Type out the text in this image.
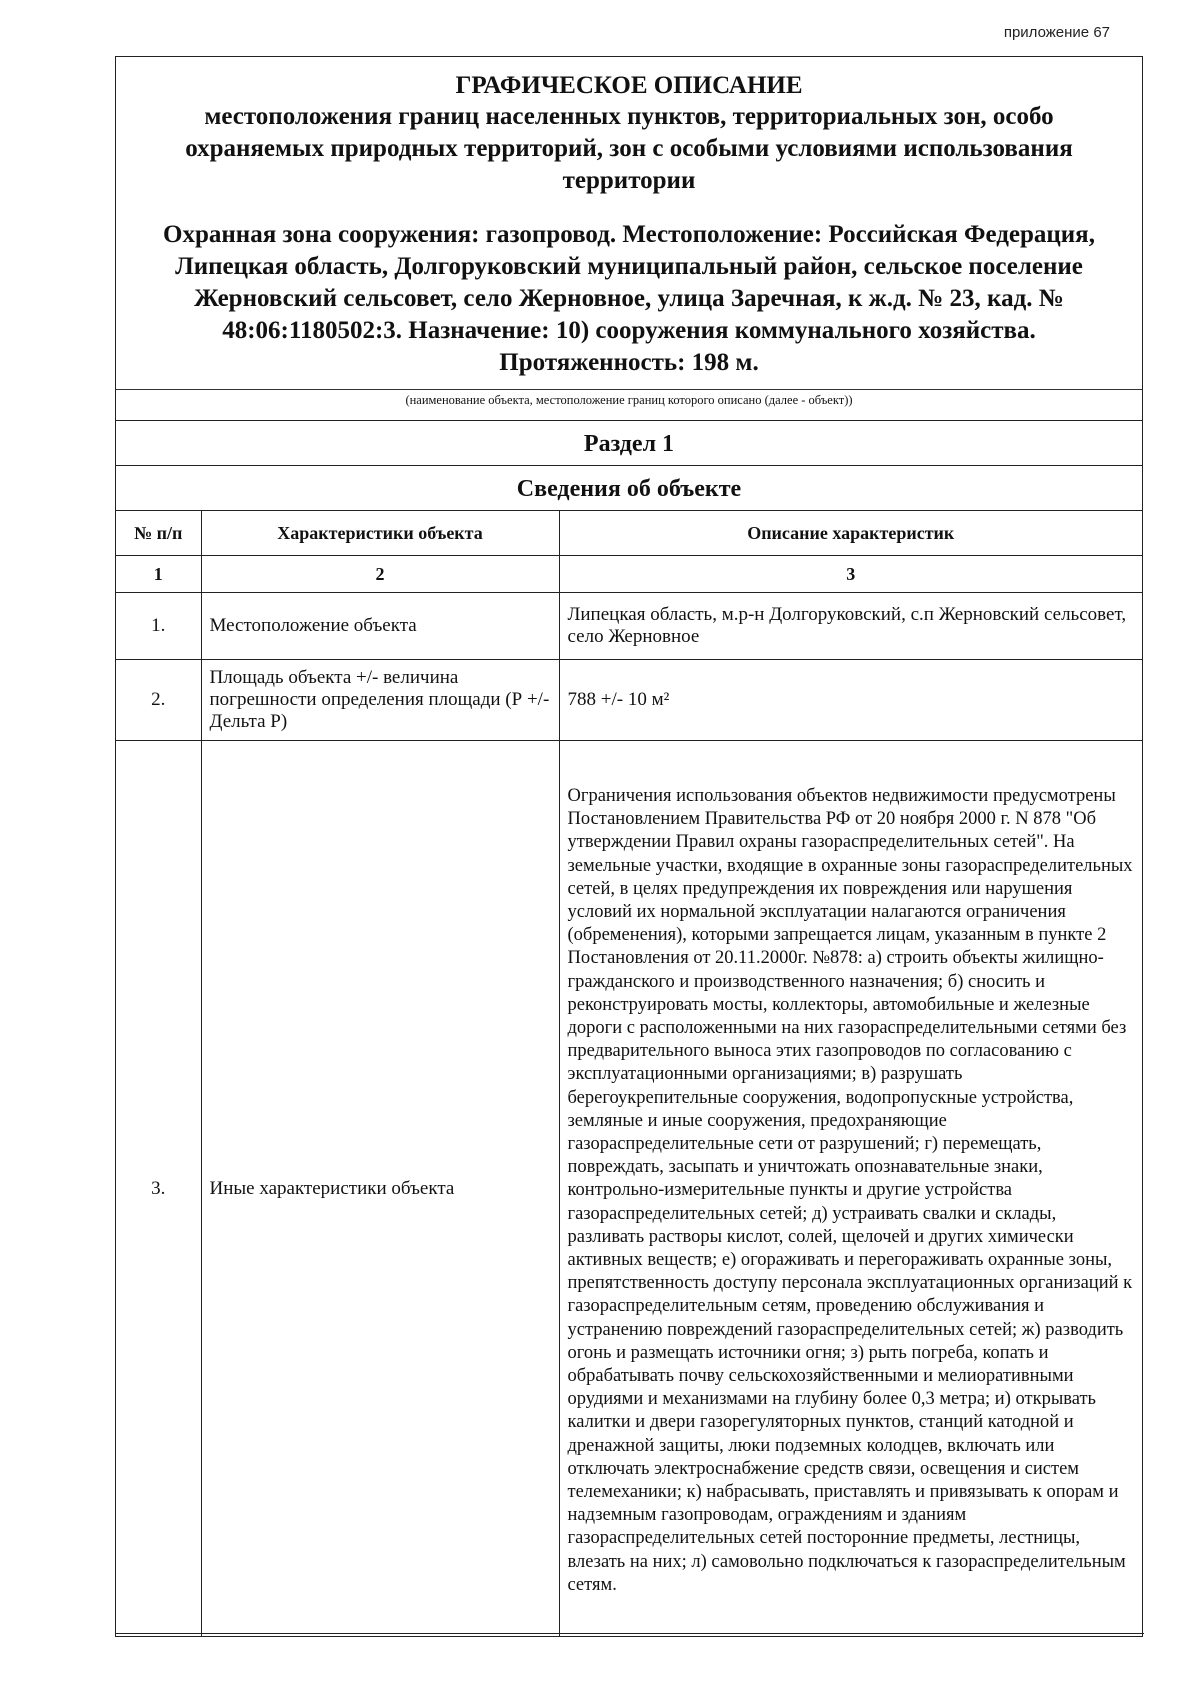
приложение 67
ГРАФИЧЕСКОЕ ОПИСАНИЕ
местоположения границ населенных пунктов, территориальных зон, особо охраняемых природных территорий, зон с особыми условиями использования территории
Охранная зона сооружения: газопровод. Местоположение: Российская Федерация, Липецкая область, Долгоруковский муниципальный район, сельское поселение Жерновский сельсовет, село Жерновное, улица Заречная, к ж.д. № 23, кад. № 48:06:1180502:3. Назначение: 10) сооружения коммунального хозяйства. Протяженность: 198 м.
(наименование объекта, местоположение границ которого описано (далее - объект))
Раздел 1
Сведения об объекте
№ п/п	Характеристики объекта	Описание характеристик
1	2	3
1.	Местоположение объекта	Липецкая область, м.р-н Долгоруковский, с.п Жерновский сельсовет, село Жерновное
2.	Площадь объекта +/- величина погрешности определения площади (Р +/- Дельта Р)	788 +/- 10 м²
3.	Иные характеристики объекта	Ограничения использования объектов недвижимости предусмотрены Постановлением Правительства РФ от 20 ноября 2000 г. N 878 "Об утверждении Правил охраны газораспределительных сетей". На земельные участки, входящие в охранные зоны газораспределительных сетей, в целях предупреждения их повреждения или нарушения условий их нормальной эксплуатации налагаются ограничения (обременения), которыми запрещается лицам, указанным в пункте 2 Постановления от 20.11.2000г. №878: а) строить объекты жилищно-гражданского и производственного назначения; б) сносить и реконструировать мосты, коллекторы, автомобильные и железные дороги с расположенными на них газораспределительными сетями без предварительного выноса этих газопроводов по согласованию с эксплуатационными организациями; в) разрушать берегоукрепительные сооружения, водопропускные устройства, земляные и иные сооружения, предохраняющие газораспределительные сети от разрушений; г) перемещать, повреждать, засыпать и уничтожать опознавательные знаки, контрольно-измерительные пункты и другие устройства газораспределительных сетей; д) устраивать свалки и склады, разливать растворы кислот, солей, щелочей и других химически активных веществ; е) огораживать и перегораживать охранные зоны, препятственность доступу персонала эксплуатационных организаций к газораспределительным сетям, проведению обслуживания и устранению повреждений газораспределительных сетей; ж) разводить огонь и размещать источники огня; з) рыть погреба, копать и обрабатывать почву сельскохозяйственными и мелиоративными орудиями и механизмами на глубину более 0,3 метра; и) открывать калитки и двери газорегуляторных пунктов, станций катодной и дренажной защиты, люки подземных колодцев, включать или отключать электроснабжение средств связи, освещения и систем телемеханики; к) набрасывать, приставлять и привязывать к опорам и надземным газопроводам, ограждениям и зданиям газораспределительных сетей посторонние предметы, лестницы, влезать на них; л) самовольно подключаться к газораспределительным сетям.
